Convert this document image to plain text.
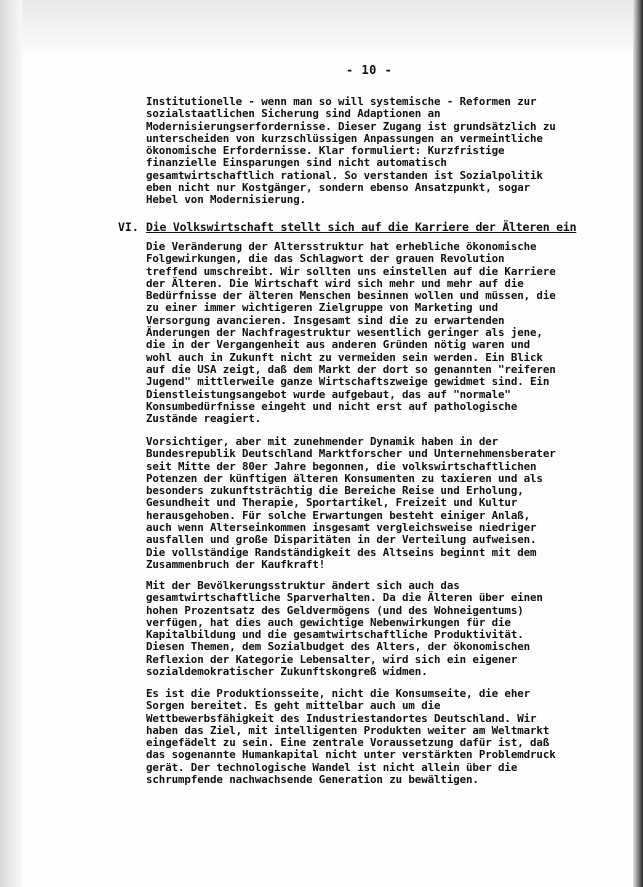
- 10 -
Institutionelle - wenn man so will systemische - Reformen zur
sozialstaatlichen Sicherung sind Adaptionen an
Modernisierungserfordernisse. Dieser Zugang ist grundsätzlich zu
unterscheiden von kurzschlüssigen Anpassungen an vermeintliche
ökonomische Erfordernisse. Klar formuliert: Kurzfristige
finanzielle Einsparungen sind nicht automatisch
gesamtwirtschaftlich rational. So verstanden ist Sozialpolitik
eben nicht nur Kostgänger, sondern ebenso Ansatzpunkt, sogar
Hebel von Modernisierung.
VI. Die Volkswirtschaft stellt sich auf die Karriere der Älteren ein
Die Veränderung der Altersstruktur hat erhebliche ökonomische
Folgewirkungen, die das Schlagwort der grauen Revolution
treffend umschreibt. Wir sollten uns einstellen auf die Karriere
der Älteren. Die Wirtschaft wird sich mehr und mehr auf die
Bedürfnisse der älteren Menschen besinnen wollen und müssen, die
zu einer immer wichtigeren Zielgruppe von Marketing und
Versorgung avancieren. Insgesamt sind die zu erwartenden
Änderungen der Nachfragestruktur wesentlich geringer als jene,
die in der Vergangenheit aus anderen Gründen nötig waren und
wohl auch in Zukunft nicht zu vermeiden sein werden. Ein Blick
auf die USA zeigt, daß dem Markt der dort so genannten "reiferen
Jugend" mittlerweile ganze Wirtschaftszweige gewidmet sind. Ein
Dienstleistungsangebot wurde aufgebaut, das auf "normale"
Konsumbedürfnisse eingeht und nicht erst auf pathologische
Zustände reagiert.
Vorsichtiger, aber mit zunehmender Dynamik haben in der
Bundesrepublik Deutschland Marktforscher und Unternehmensberater
seit Mitte der 80er Jahre begonnen, die volkswirtschaftlichen
Potenzen der künftigen älteren Konsumenten zu taxieren und als
besonders zukunftsträchtig die Bereiche Reise und Erholung,
Gesundheit und Therapie, Sportartikel, Freizeit und Kultur
herausgehoben. Für solche Erwartungen besteht einiger Anlaß,
auch wenn Alterseinkommen insgesamt vergleichsweise niedriger
ausfallen und große Disparitäten in der Verteilung aufweisen.
Die vollständige Randständigkeit des Altseins beginnt mit dem
Zusammenbruch der Kaufkraft!
Mit der Bevölkerungsstruktur ändert sich auch das
gesamtwirtschaftliche Sparverhalten. Da die Älteren über einen
hohen Prozentsatz des Geldvermögens (und des Wohneigentums)
verfügen, hat dies auch gewichtige Nebenwirkungen für die
Kapitalbildung und die gesamtwirtschaftliche Produktivität.
Diesen Themen, dem Sozialbudget des Alters, der ökonomischen
Reflexion der Kategorie Lebensalter, wird sich ein eigener
sozialdemokratischer Zukunftskongreß widmen.
Es ist die Produktionsseite, nicht die Konsumseite, die eher
Sorgen bereitet. Es geht mittelbar auch um die
Wettbewerbsfähigkeit des Industriestandortes Deutschland. Wir
haben das Ziel, mit intelligenten Produkten weiter am Weltmarkt
eingefädelt zu sein. Eine zentrale Voraussetzung dafür ist, daß
das sogenannte Humankapital nicht unter verstärkten Problemdruck
gerät. Der technologische Wandel ist nicht allein über die
schrumpfende nachwachsende Generation zu bewältigen.
